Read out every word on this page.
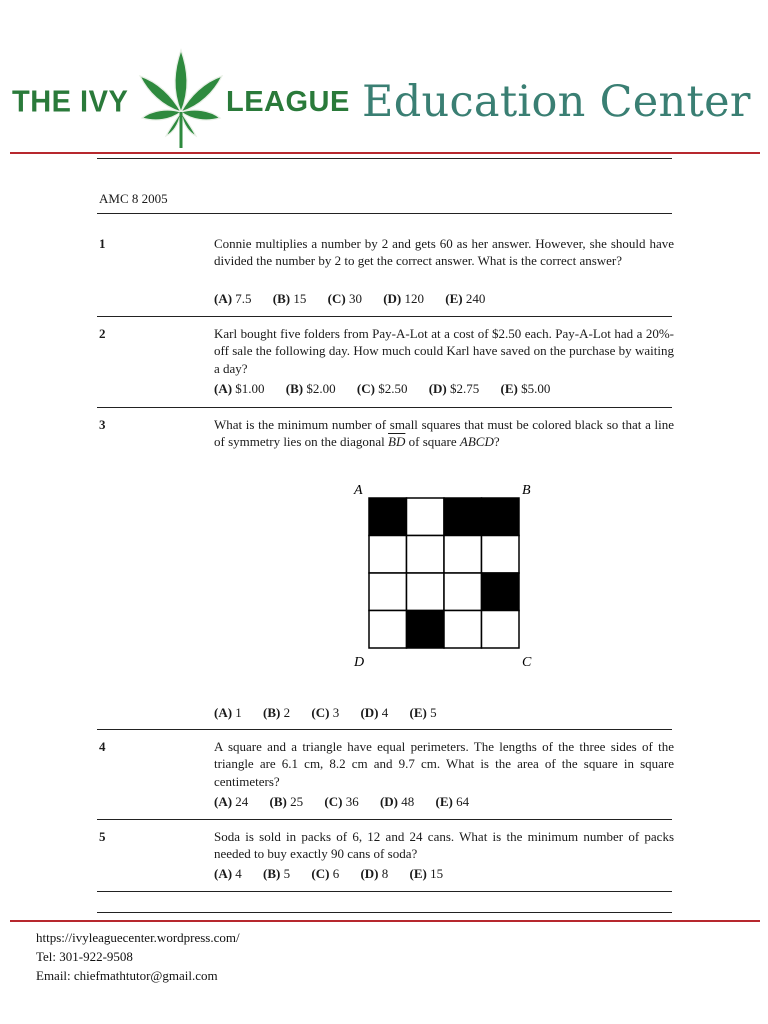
THE IVY	LEAGUE Education Center
AMC 8 2005
1	Connie multiplies a number by 2 and gets 60 as her answer. However, she should have divided the number by 2 to get the correct answer. What is the correct answer?
(A) 7.5 (B) 15 (C) 30 (D) 120 (E) 240
2	Karl bought five folders from Pay-A-Lot at a cost of $2.50 each. Pay-A-Lot had a 20%-off sale the following day. How much could Karl have saved on the purchase by waiting a day?
(A) $1.00 (B) $2.00 (C) $2.50 (D) $2.75 (E) $5.00
3	What is the minimum number of small squares that must be colored black so that a line of symmetry lies on the diagonal $\overline{BD}$ of square ABCD?
A	B
D	C
(A) 1 (B) 2 (C) 3 (D) 4 (E) 5
4	A square and a triangle have equal perimeters. The lengths of the three sides of the triangle are 6.1 cm, 8.2 cm and 9.7 cm. What is the area of the square in square centimeters?
(A) 24 (B) 25 (C) 36 (D) 48 (E) 64
5	Soda is sold in packs of 6, 12 and 24 cans. What is the minimum number of packs needed to buy exactly 90 cans of soda?
(A) 4 (B) 5 (C) 6 (D) 8 (E) 15
https://ivyleaguecenter.wordpress.com/
Tel: 301-922-9508
Email: chiefmathtutor@gmail.com
